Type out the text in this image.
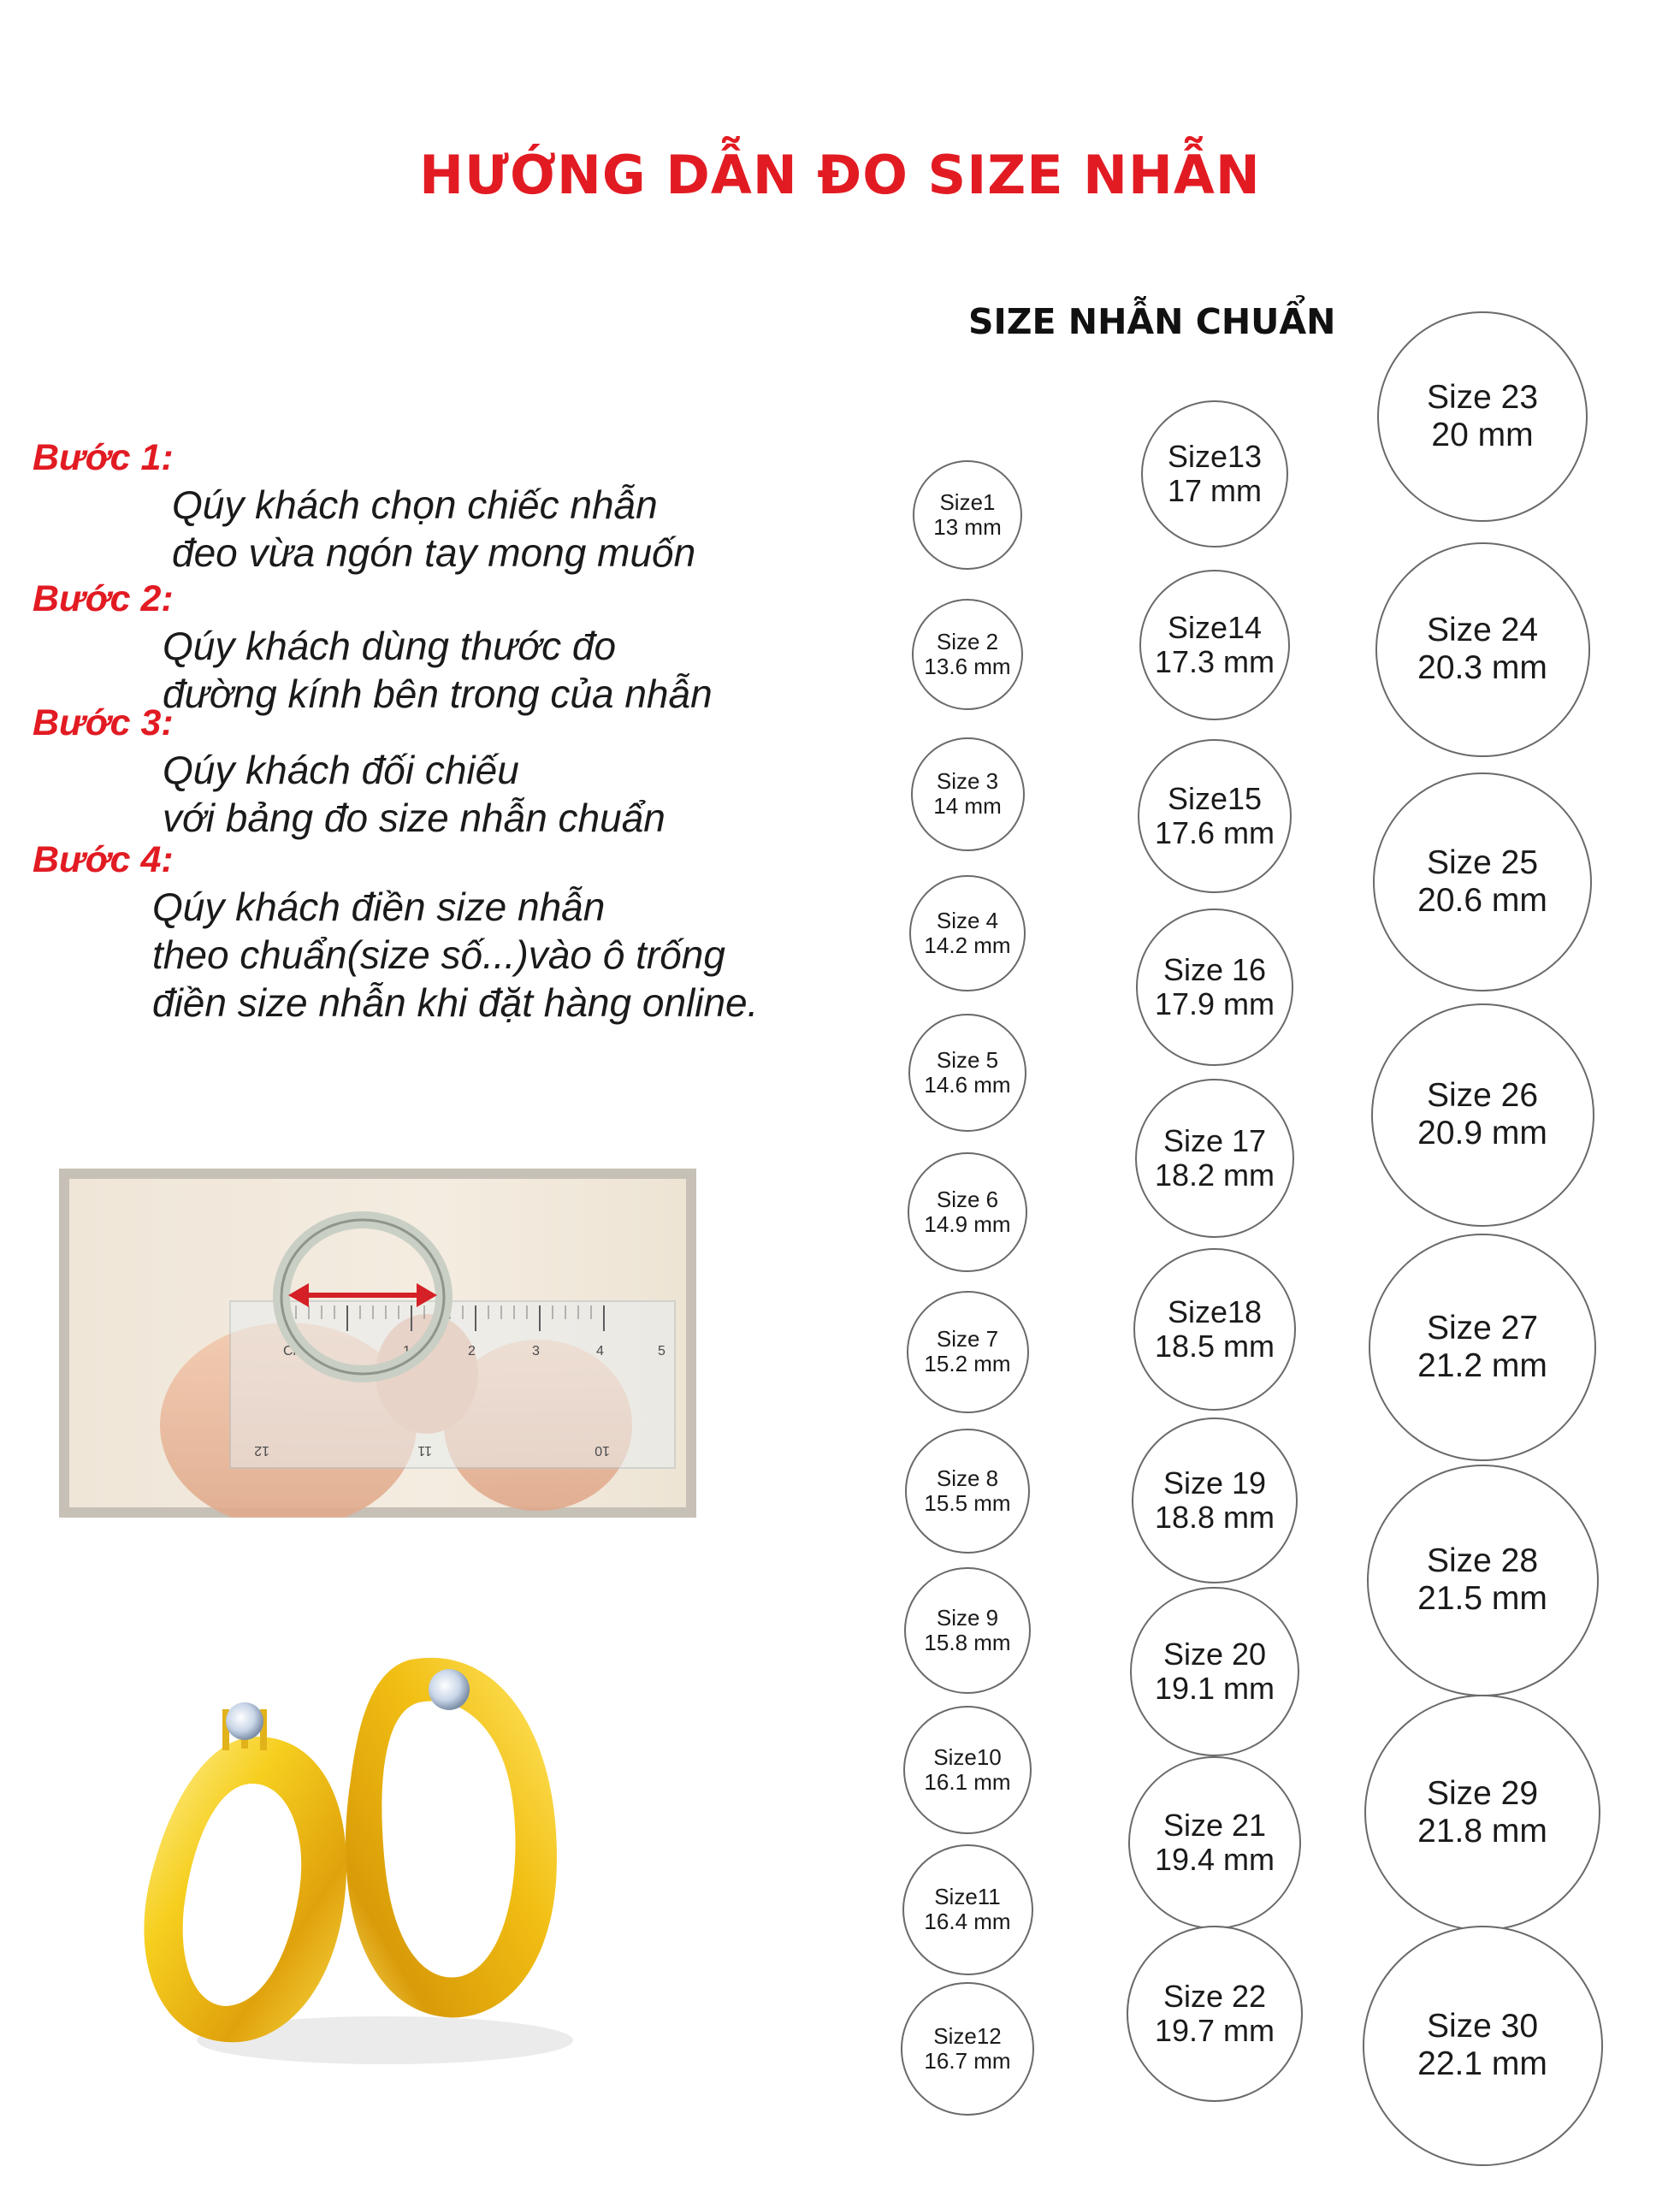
HƯỚNG DẪN ĐO SIZE NHẪN
Bước 1:
Qúy khách chọn chiếc nhẫn
đeo vừa ngón tay mong muốn
Bước 2:
Qúy khách dùng thước đo
đường kính bên trong của nhẫn
Bước 3:
Qúy khách đối chiếu
với bảng đo size nhẫn chuẩn
Bước 4:
Qúy khách điền size nhẫn
theo chuẩn(size số...)vào ô trống
điền size nhẫn khi đặt hàng online.
Cm	1	2	3	4	5
12	11	10
SIZE NHẪN CHUẨN
Size1
13 mm
Size 2
13.6 mm
Size 3
14 mm
Size 4
14.2 mm
Size 5
14.6 mm
Size 6
14.9 mm
Size 7
15.2 mm
Size 8
15.5 mm
Size 9
15.8 mm
Size10
16.1 mm
Size11
16.4 mm
Size12
16.7 mm
Size13
17 mm
Size14
17.3 mm
Size15
17.6 mm
Size 16
17.9 mm
Size 17
18.2 mm
Size18
18.5 mm
Size 19
18.8 mm
Size 20
19.1 mm
Size 21
19.4 mm
Size 22
19.7 mm
Size 23
20 mm
Size 24
20.3 mm
Size 25
20.6 mm
Size 26
20.9 mm
Size 27
21.2 mm
Size 28
21.5 mm
Size 29
21.8 mm
Size 30
22.1 mm
